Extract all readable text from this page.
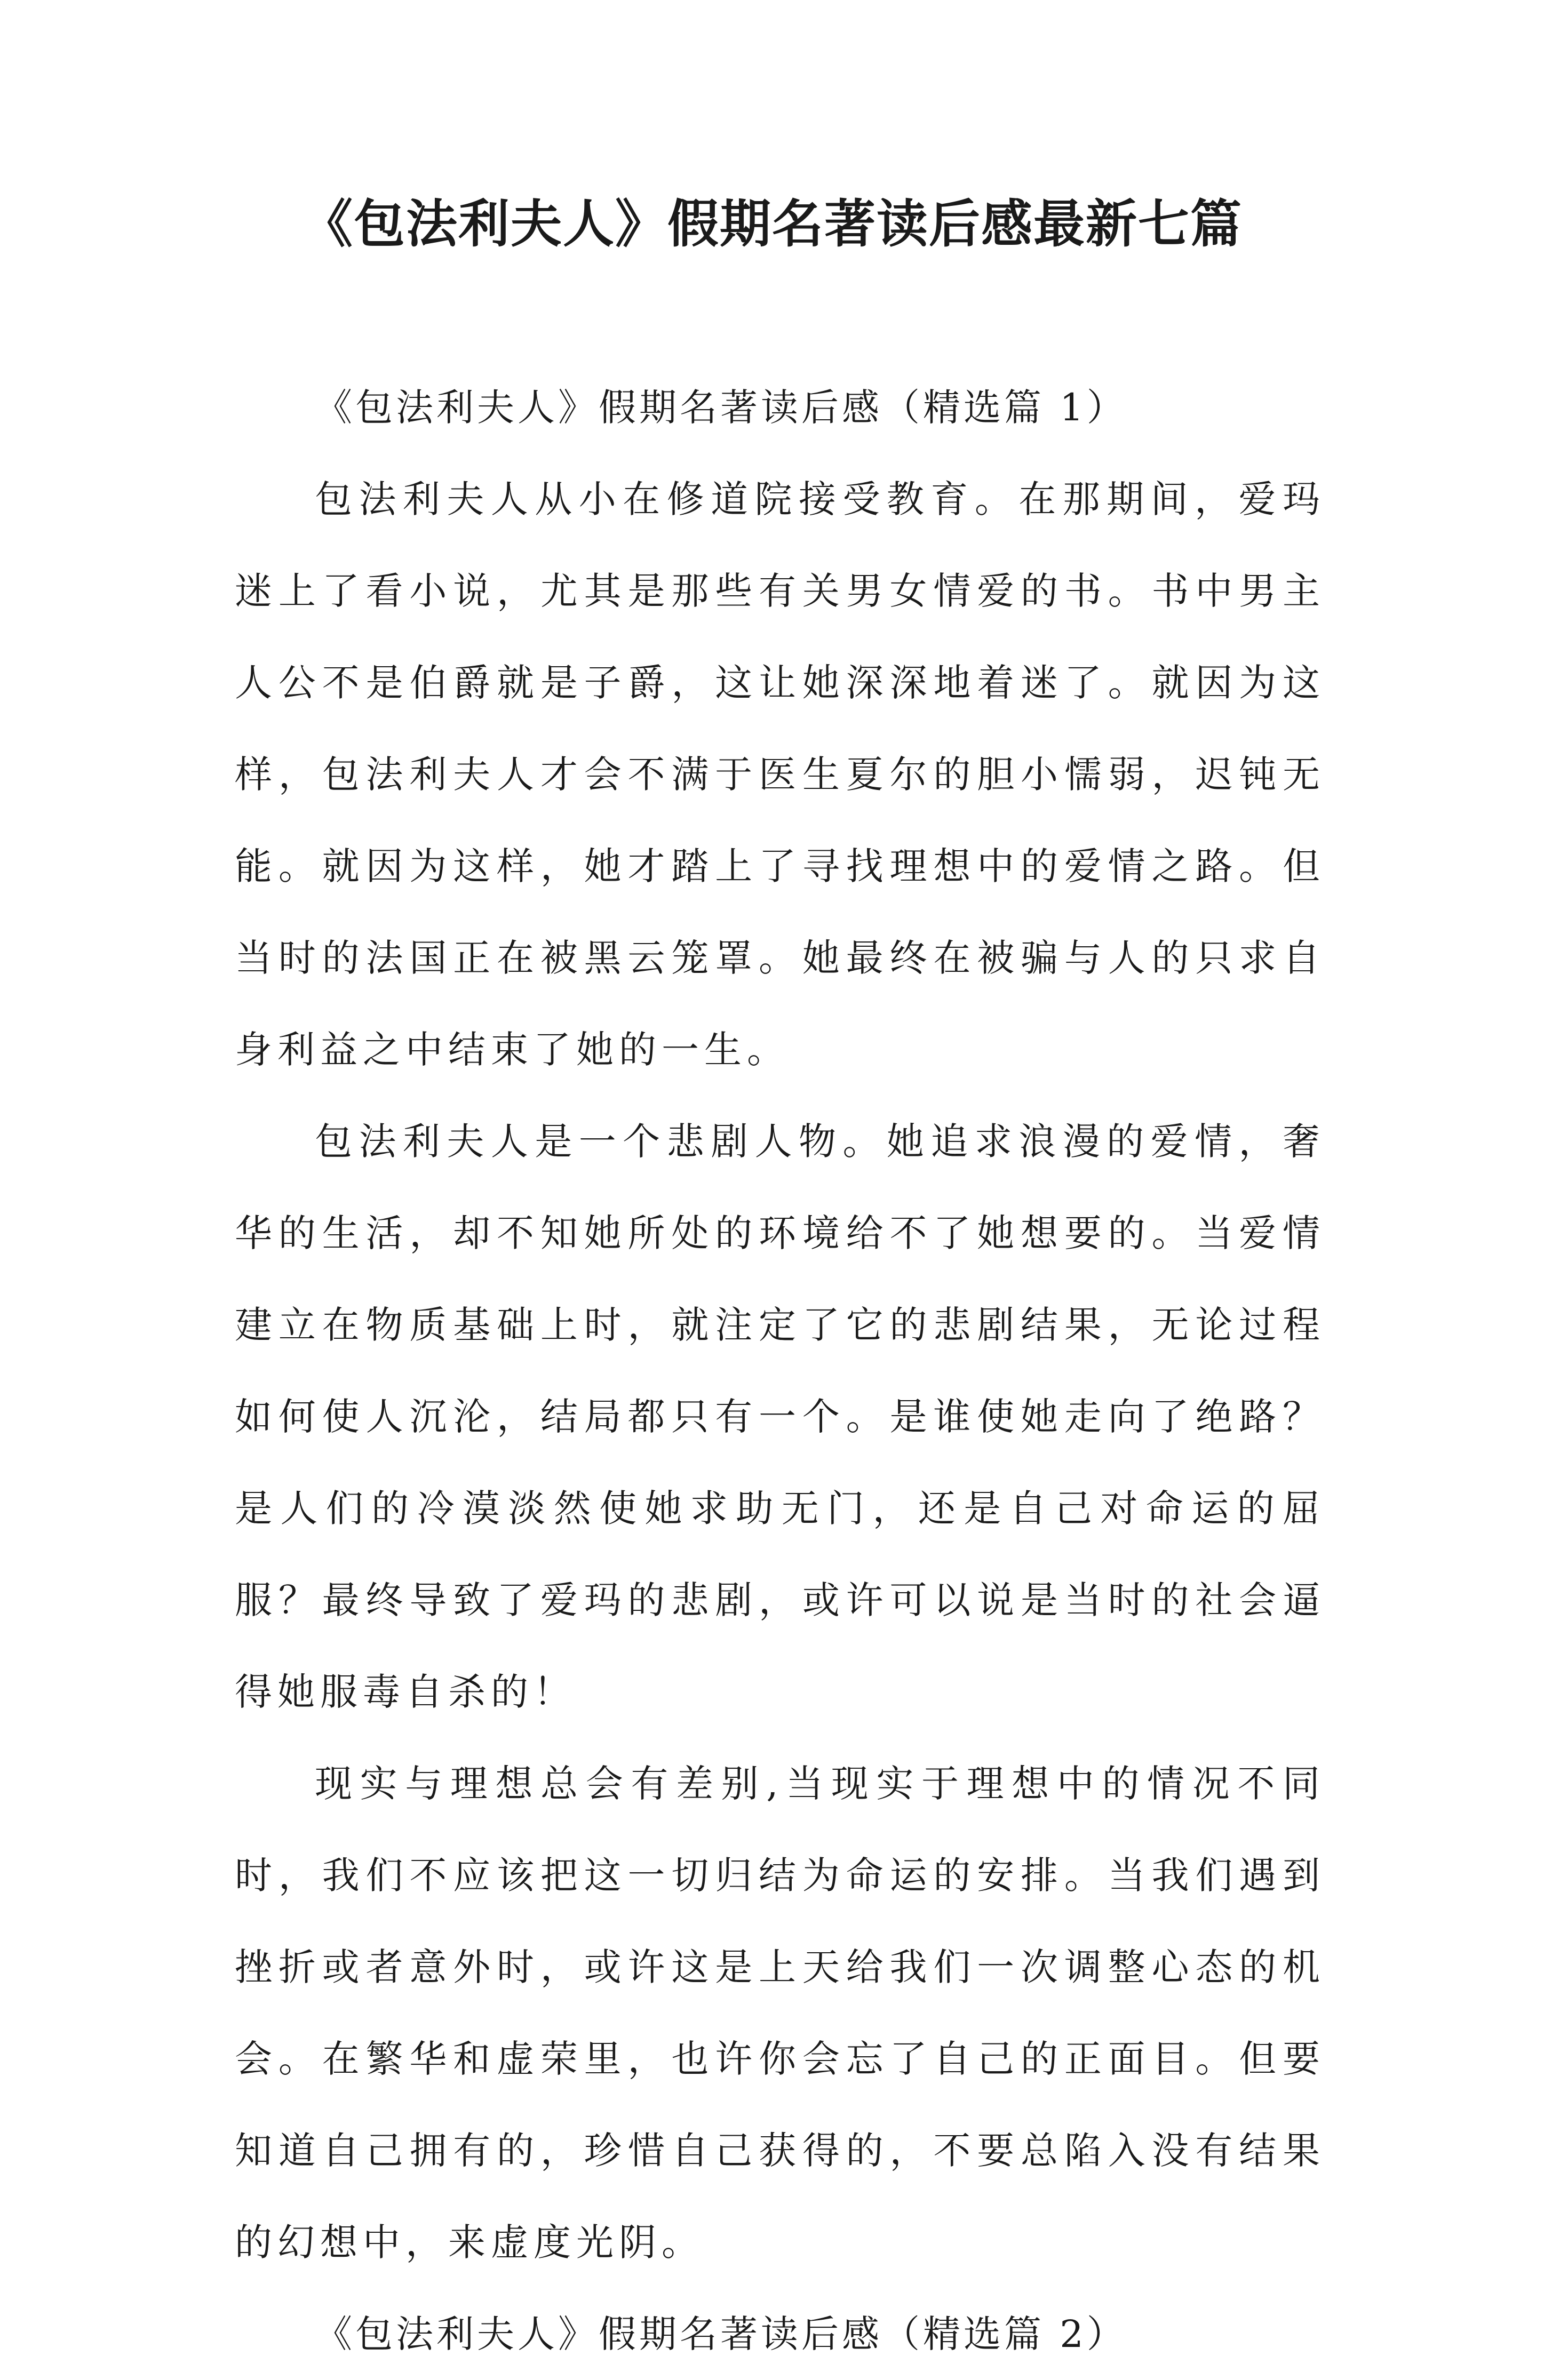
《包法利夫人》假期名著读后感最新七篇
《包法利夫人》假期名著读后感（精选篇 1）

包法利夫人从小在修道院接受教育。在那期间，爱玛迷上了看小说，尤其是那些有关男女情爱的书。书中男主人公不是伯爵就是子爵，这让她深深地着迷了。就因为这样，包法利夫人才会不满于医生夏尔的胆小懦弱，迟钝无能。就因为这样，她才踏上了寻找理想中的爱情之路。但当时的法国正在被黑云笼罩。她最终在被骗与人的只求自身利益之中结束了她的一生。

包法利夫人是一个悲剧人物。她追求浪漫的爱情，奢华的生活，却不知她所处的环境给不了她想要的。当爱情建立在物质基础上时，就注定了它的悲剧结果，无论过程如何使人沉沦，结局都只有一个。是谁使她走向了绝路？是人们的冷漠淡然使她求助无门，还是自己对命运的屈服？最终导致了爱玛的悲剧，或许可以说是当时的社会逼得她服毒自杀的！

现实与理想总会有差别,当现实于理想中的情况不同时，我们不应该把这一切归结为命运的安排。当我们遇到挫折或者意外时，或许这是上天给我们一次调整心态的机会。在繁华和虚荣里，也许你会忘了自己的正面目。但要知道自己拥有的，珍惜自己获得的，不要总陷入没有结果的幻想中，来虚度光阴。

《包法利夫人》假期名著读后感（精选篇 2）
